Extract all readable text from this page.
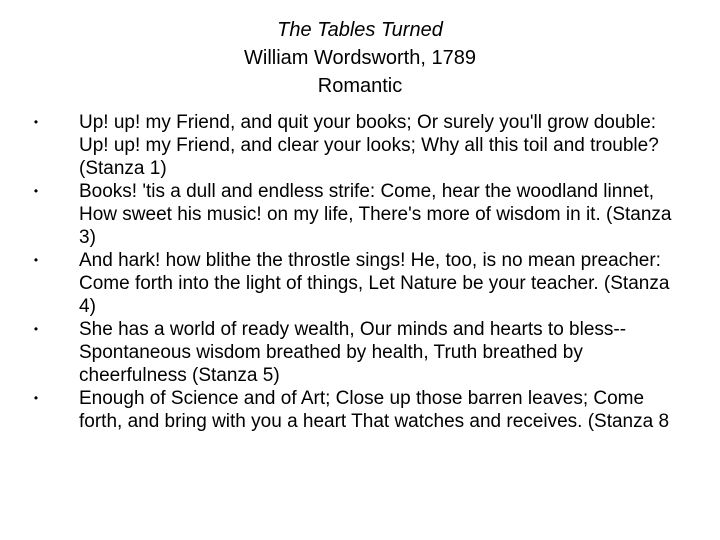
The Tables Turned
William Wordsworth, 1789
Romantic
• Up! up! my Friend, and quit your books; Or surely you'll grow double: Up! up! my Friend, and clear your looks; Why all this toil and trouble? (Stanza 1)
• Books! 'tis a dull and endless strife: Come, hear the woodland linnet, How sweet his music! on my life, There's more of wisdom in it. (Stanza 3)
• And hark! how blithe the throstle sings! He, too, is no mean preacher: Come forth into the light of things, Let Nature be your teacher. (Stanza 4)
• She has a world of ready wealth, Our minds and hearts to bless-- Spontaneous wisdom breathed by health, Truth breathed by cheerfulness (Stanza 5)
• Enough of Science and of Art; Close up those barren leaves; Come forth, and bring with you a heart That watches and receives. (Stanza 8
